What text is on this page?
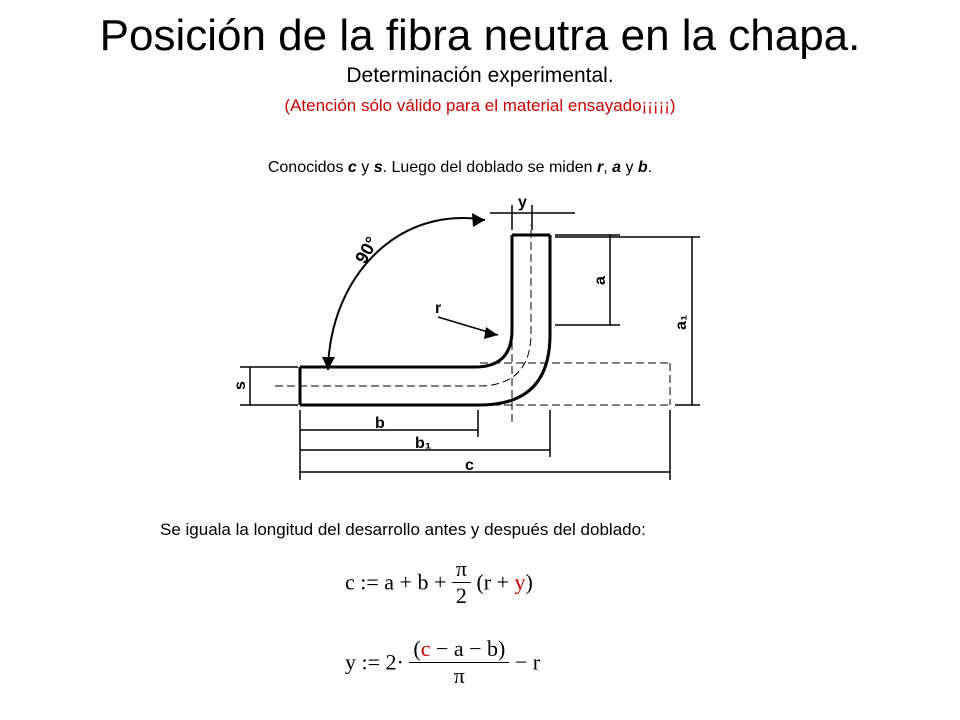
Posición de la fibra neutra en la chapa.
Determinación experimental.
(Atención sólo válido para el material ensayado¡¡¡¡¡)
Conocidos c y s. Luego del doblado se miden r, a y b.
90°
y
r
a
a₁
s
b
b₁
c
Se iguala la longitud del desarrollo antes y después del doblado:
c := $a + b + \frac{\pi}{2} (r + y)$
y := $2\cdot \frac{(c - a - b)}{\pi} - r$
